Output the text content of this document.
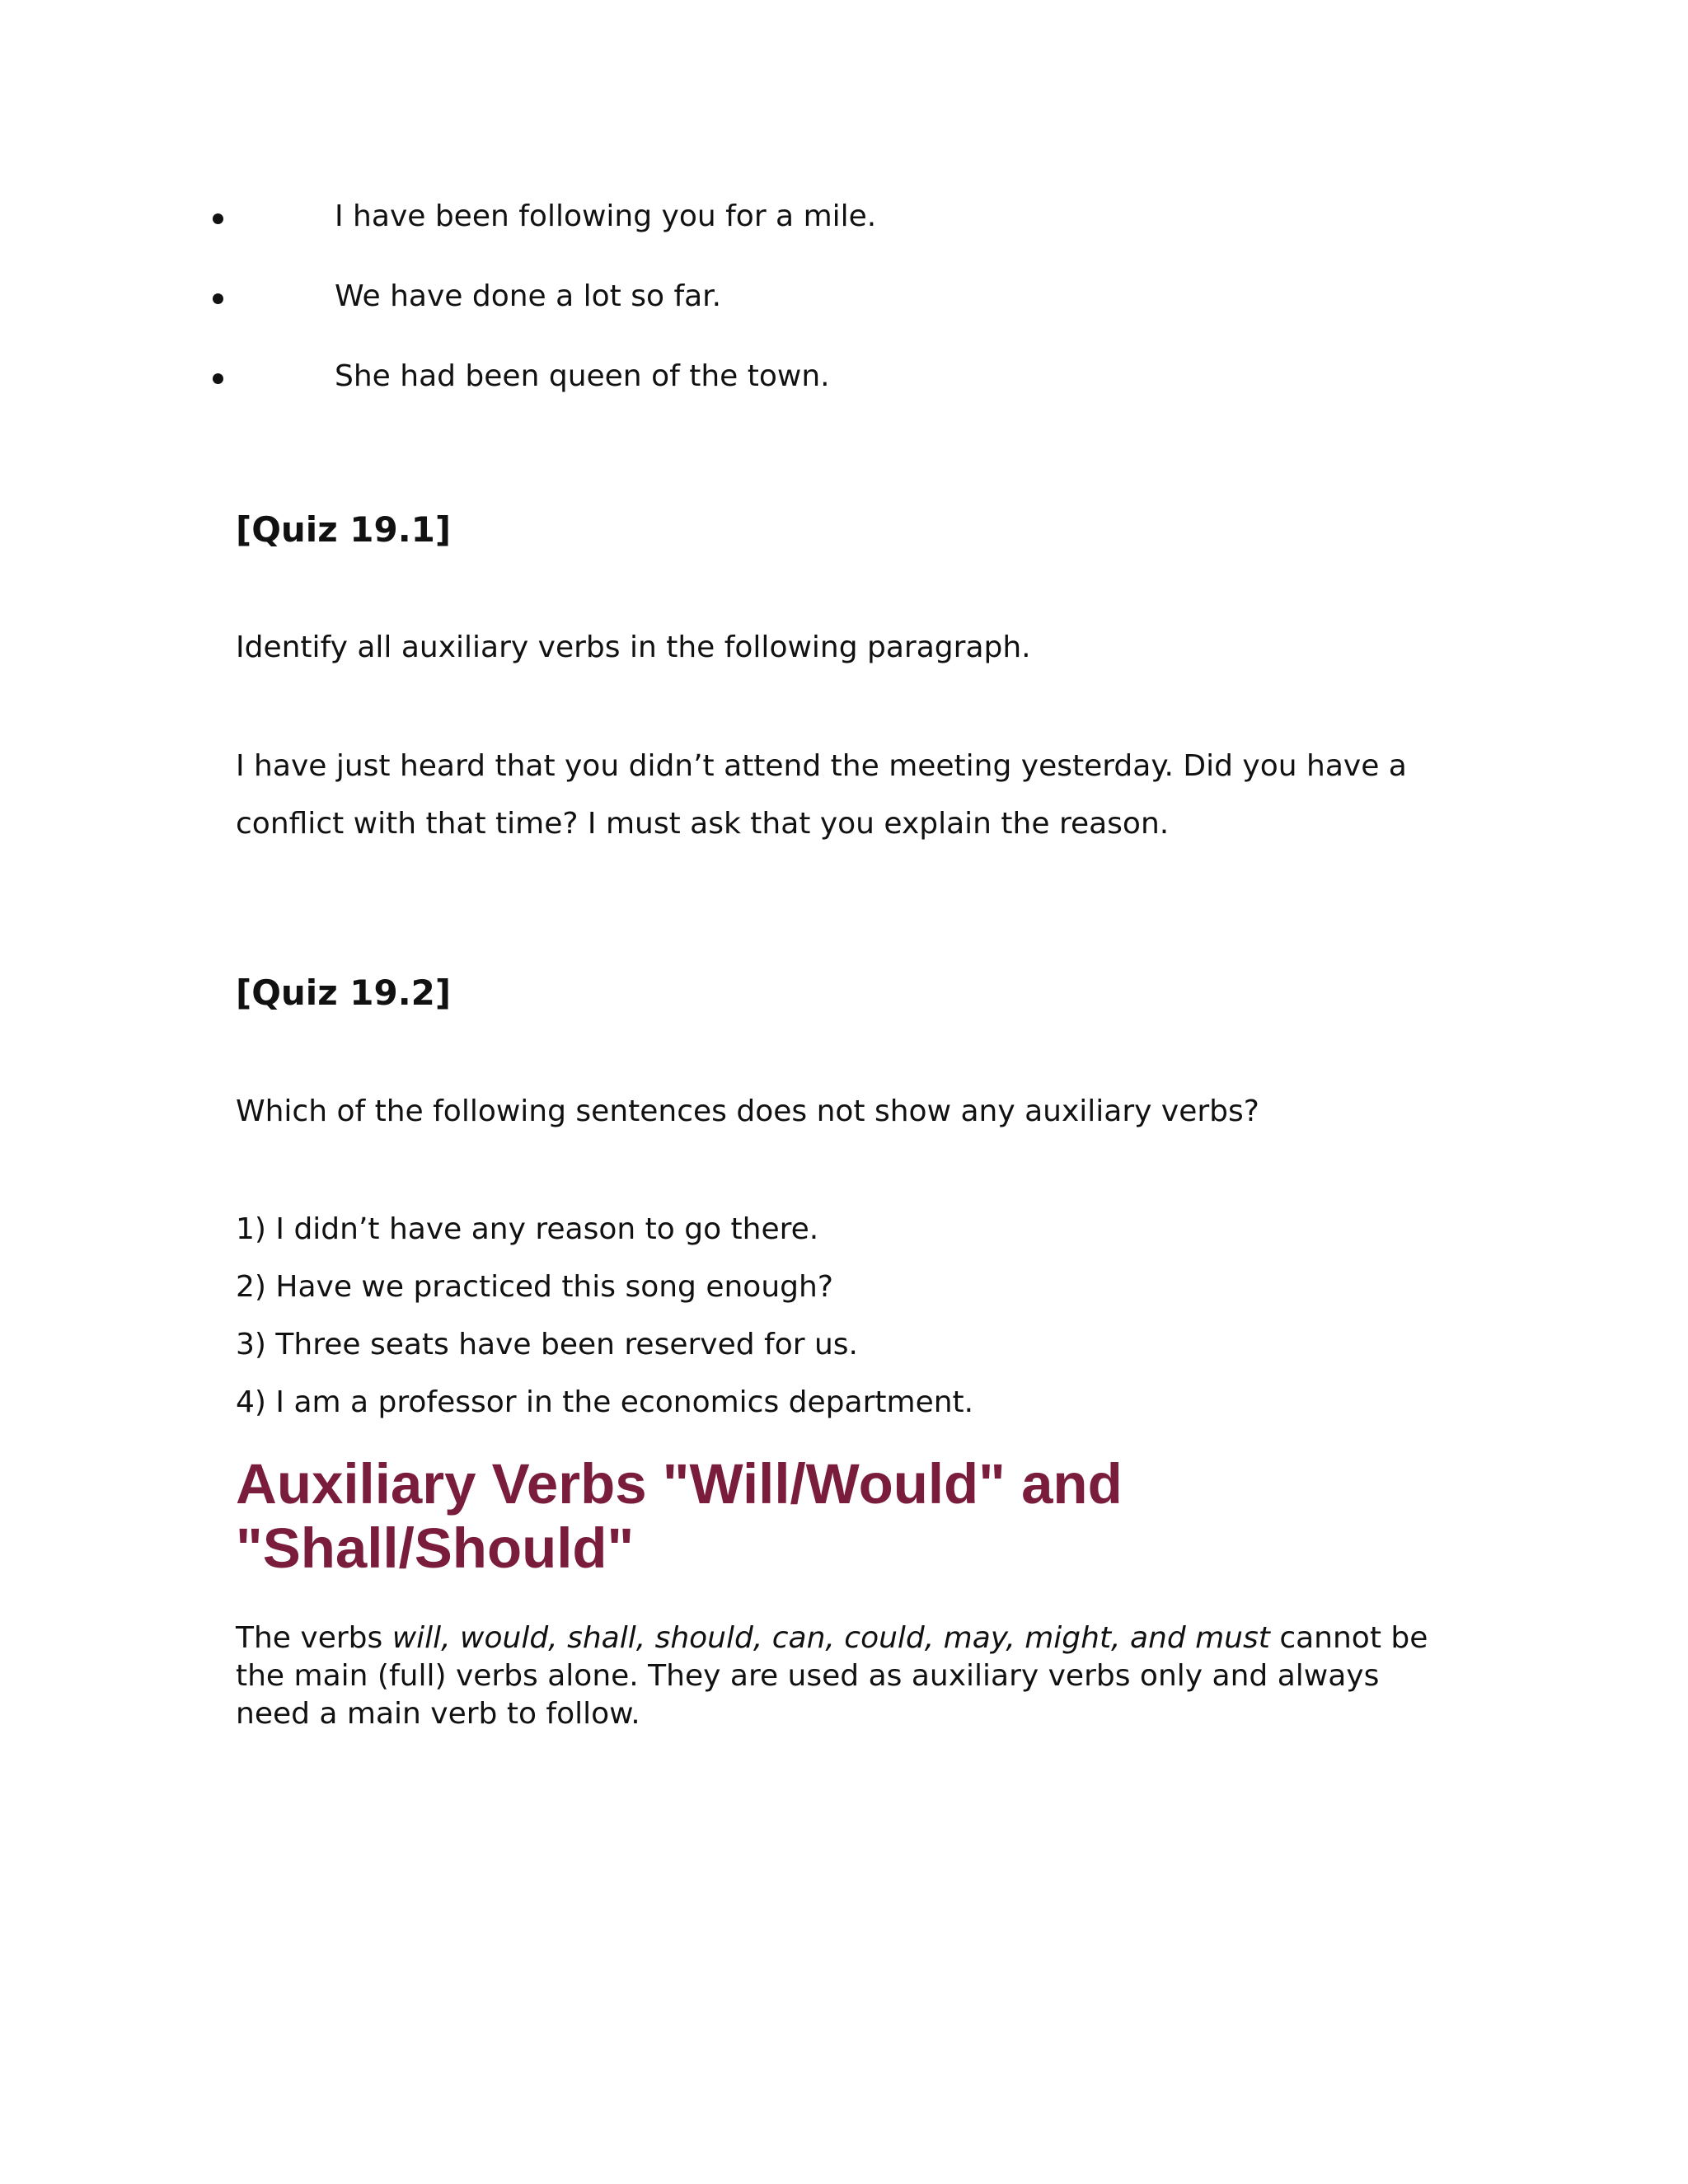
I have been following you for a mile.
We have done a lot so far.
She had been queen of the town.
[Quiz 19.1]
Identify all auxiliary verbs in the following paragraph.
I have just heard that you didn’t attend the meeting yesterday. Did you have a
conflict with that time? I must ask that you explain the reason.
[Quiz 19.2]
Which of the following sentences does not show any auxiliary verbs?
1) I didn’t have any reason to go there.
2) Have we practiced this song enough?
3) Three seats have been reserved for us.
4) I am a professor in the economics department.
Auxiliary Verbs "Will/Would" and
"Shall/Should"

The verbs will, would, shall, should, can, could, may, might, and must cannot be the main (full) verbs alone. They are used as auxiliary verbs only and always need a main verb to follow.
